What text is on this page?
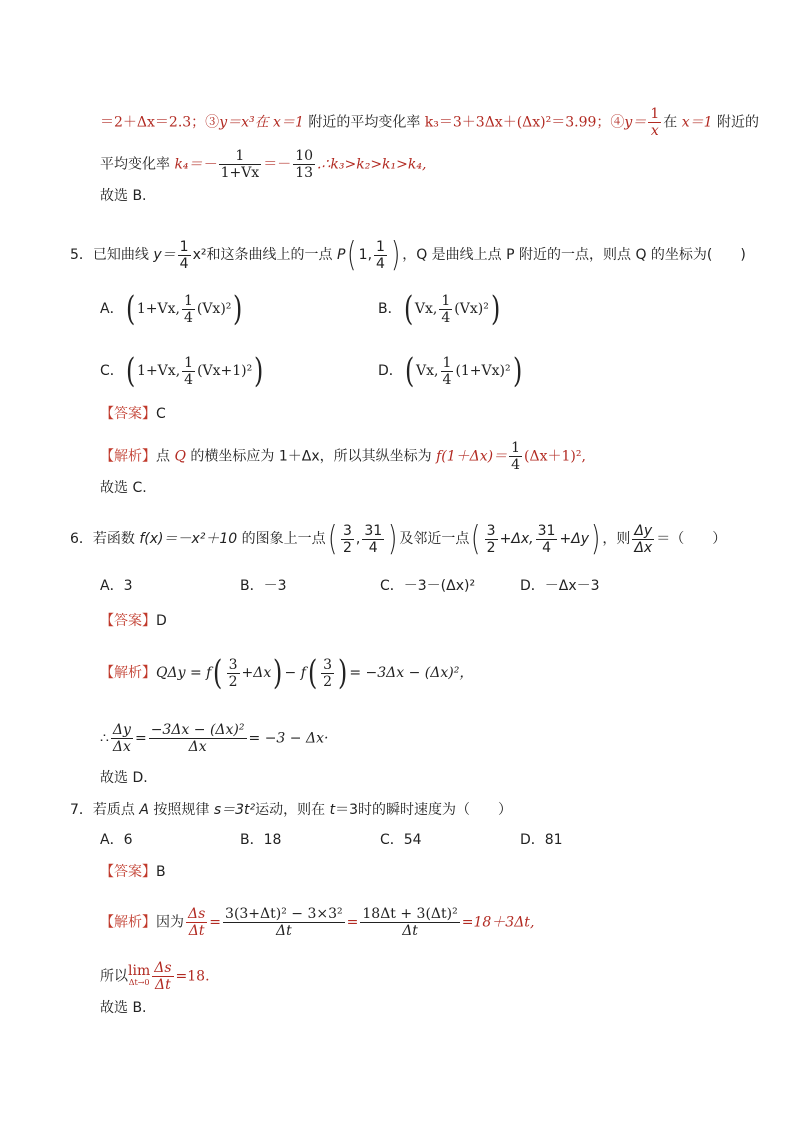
＝2＋Δx＝2.3；③y＝x³在 x＝1 附近的平均变化率 k₃＝3＋3Δx＋(Δx)²＝3.99；④y＝ $\frac{1}{x}$ 在 x＝1 附近的
平均变化率 $k_4=- \frac{1}{1+Vx} =- \frac{10}{13}$ .∴k₃>k₂>k₁>k₄,
故选 B.
5．已知曲线 $y= \frac{1}{4} x^2$和这条曲线上的一点 P( 1, $\frac{1}{4}$ ) ，Q 是曲线上点 P 附近的一点，则点 Q 的坐标为(　　)
A．( 1+Vx, $\frac{1}{4} (Vx)^2$)	B．( Vx, $\frac{1}{4} (Vx)^2$)
C．( 1+Vx, $\frac{1}{4} (Vx+1)^2$)	D．( Vx, $\frac{1}{4} (1+Vx)^2$)
【答案】C
【解析】点 Q 的横坐标应为 1＋Δx，所以其纵坐标为 $f(1+\Delta x)= \frac{1}{4} (\Delta x+1)^2$,
故选 C.
6．若函数 f(x)＝－x²＋10 的图象上一点( $\frac{3}{2}$ , $\frac{31}{4}$ ) 及邻近一点( $\frac{3}{2} +\Delta x$, $\frac{31}{4} +\Delta y$) ，则 $\frac{\Delta y}{\Delta x}$ ＝（　　）
A．3	B．－3	C．－3－(Δx)²	D．－Δx－3
【答案】D
【解析】$Q\Delta y = f( \frac{3}{2} +\Delta x) - f( \frac{3}{2}$ ) = −3Δx − (Δx)²，
∴ $\frac{\Delta y}{\Delta x} = \frac{\text{−3Δx − (Δx)²}}{\Delta x} = -3 - \Delta x\cdot$
故选 D.
7．若质点 A 按照规律 s＝3t²运动，则在 t＝3时的瞬时速度为（　　）
A．6	B．18	C．54	D．81
【答案】B
【解析】因为 $\frac{\Delta s}{\Delta t} = \frac{\text{3(3+Δt)² − 3×3²}}{\Delta t} = \frac{\text{18Δt + 3(Δt)²}}{\Delta t} =18+3\Delta t$,
所以 lim
$\Delta t\to 0 \frac{\Delta s}{\Delta t} =18$.
故选 B.
